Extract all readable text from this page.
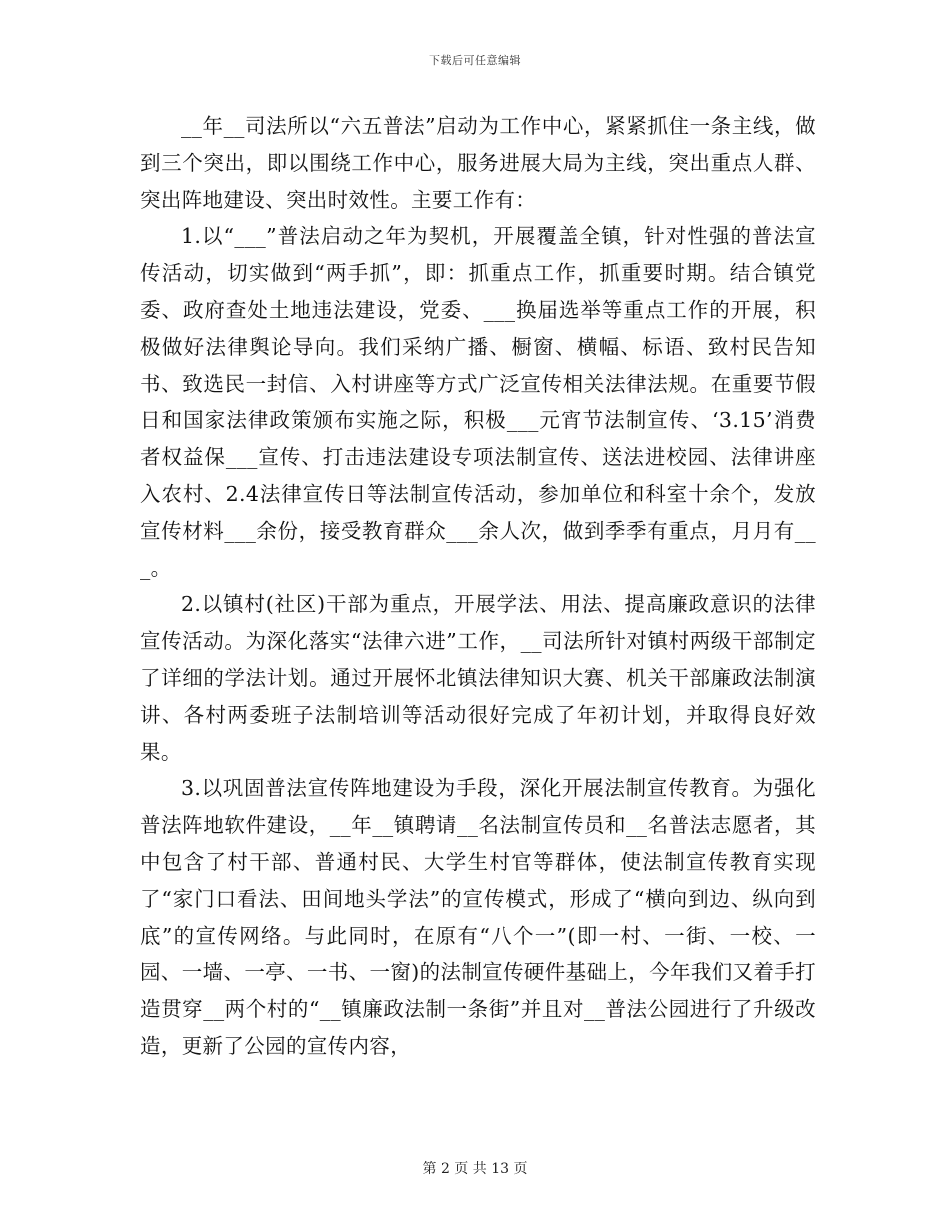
下载后可任意编辑

__年__司法所以“六五普法”启动为工作中心，紧紧抓住一条主线，做到三个突出，即以围绕工作中心，服务进展大局为主线，突出重点人群、突出阵地建设、突出时效性。主要工作有：

1.以“___”普法启动之年为契机，开展覆盖全镇，针对性强的普法宣传活动，切实做到“两手抓”，即：抓重点工作，抓重要时期。结合镇党委、政府查处土地违法建设，党委、___换届选举等重点工作的开展，积极做好法律舆论导向。我们采纳广播、橱窗、横幅、标语、致村民告知书、致选民一封信、入村讲座等方式广泛宣传相关法律法规。在重要节假日和国家法律政策颁布实施之际，积极___元宵节法制宣传、‘3.15’消费者权益保___宣传、打击违法建设专项法制宣传、送法进校园、法律讲座入农村、2.4法律宣传日等法制宣传活动，参加单位和科室十余个，发放宣传材料___余份，接受教育群众___余人次，做到季季有重点，月月有___。

2.以镇村(社区)干部为重点，开展学法、用法、提高廉政意识的法律宣传活动。为深化落实“法律六进”工作，__司法所针对镇村两级干部制定了详细的学法计划。通过开展怀北镇法律知识大赛、机关干部廉政法制演讲、各村两委班子法制培训等活动很好完成了年初计划，并取得良好效果。

3.以巩固普法宣传阵地建设为手段，深化开展法制宣传教育。为强化普法阵地软件建设，__年__镇聘请__名法制宣传员和__名普法志愿者，其中包含了村干部、普通村民、大学生村官等群体，使法制宣传教育实现了“家门口看法、田间地头学法”的宣传模式，形成了“横向到边、纵向到底”的宣传网络。与此同时，在原有“八个一”(即一村、一街、一校、一园、一墙、一亭、一书、一窗)的法制宣传硬件基础上，今年我们又着手打造贯穿__两个村的“__镇廉政法制一条街”并且对__普法公园进行了升级改造，更新了公园的宣传内容，

第 2 页 共 13 页
